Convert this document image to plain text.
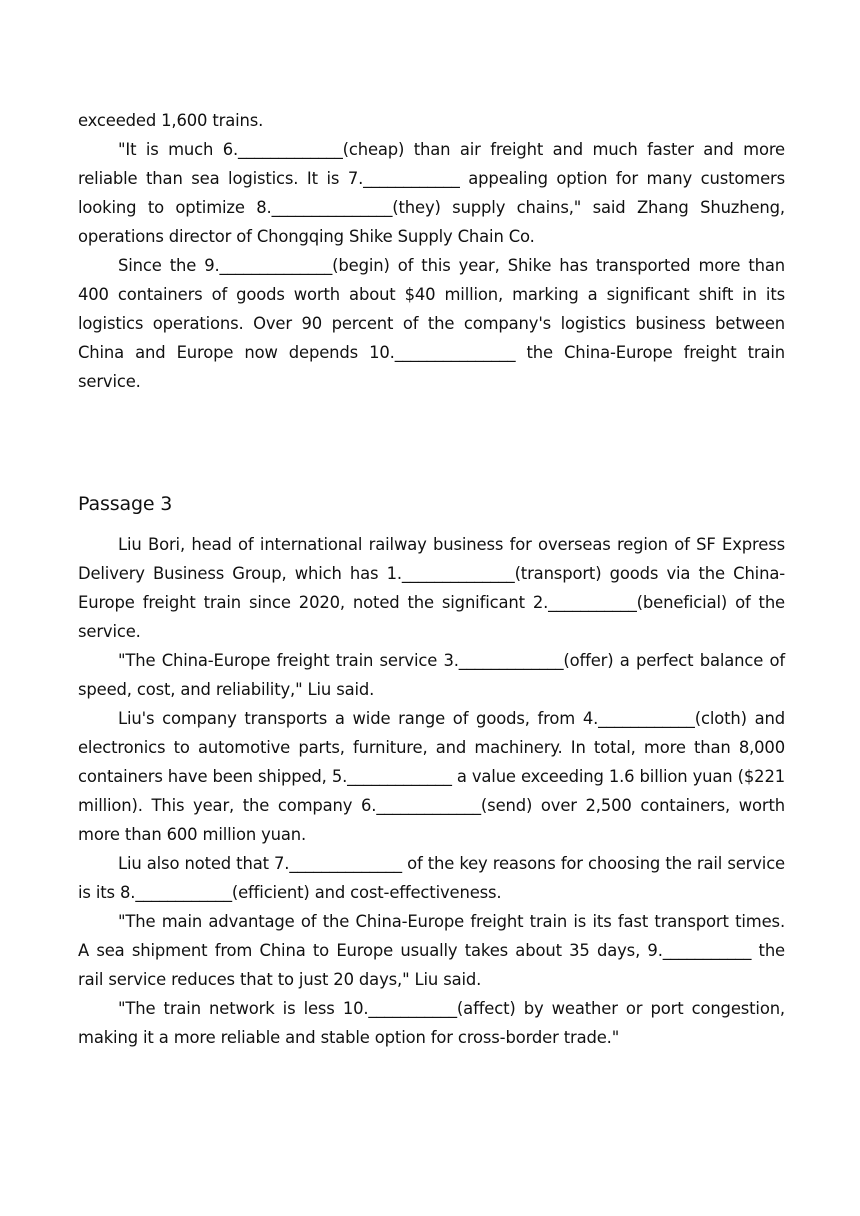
exceeded 1,600 trains.

"It is much 6._____________(cheap) than air freight and much faster and more reliable than sea logistics. It is 7.____________ appealing option for many customers looking to optimize 8._______________(they) supply chains," said Zhang Shuzheng, operations director of Chongqing Shike Supply Chain Co.

Since the 9.______________(begin) of this year, Shike has transported more than 400 containers of goods worth about $40 million, marking a significant shift in its logistics operations. Over 90 percent of the company's logistics business between China and Europe now depends 10._______________ the China-Europe freight train service.

Passage 3

Liu Bori, head of international railway business for overseas region of SF Express Delivery Business Group, which has 1.______________(transport) goods via the China-Europe freight train since 2020, noted the significant 2.___________(beneficial) of the service.

"The China-Europe freight train service 3._____________(offer) a perfect balance of speed, cost, and reliability," Liu said.

Liu's company transports a wide range of goods, from 4.____________(cloth) and electronics to automotive parts, furniture, and machinery. In total, more than 8,000 containers have been shipped, 5._____________ a value exceeding 1.6 billion yuan ($221 million). This year, the company 6._____________(send) over 2,500 containers, worth more than 600 million yuan.

Liu also noted that 7.______________ of the key reasons for choosing the rail service is its 8.____________(efficient) and cost-effectiveness.

"The main advantage of the China-Europe freight train is its fast transport times. A sea shipment from China to Europe usually takes about 35 days, 9.___________ the rail service reduces that to just 20 days," Liu said.

"The train network is less 10.___________(affect) by weather or port congestion, making it a more reliable and stable option for cross-border trade."
